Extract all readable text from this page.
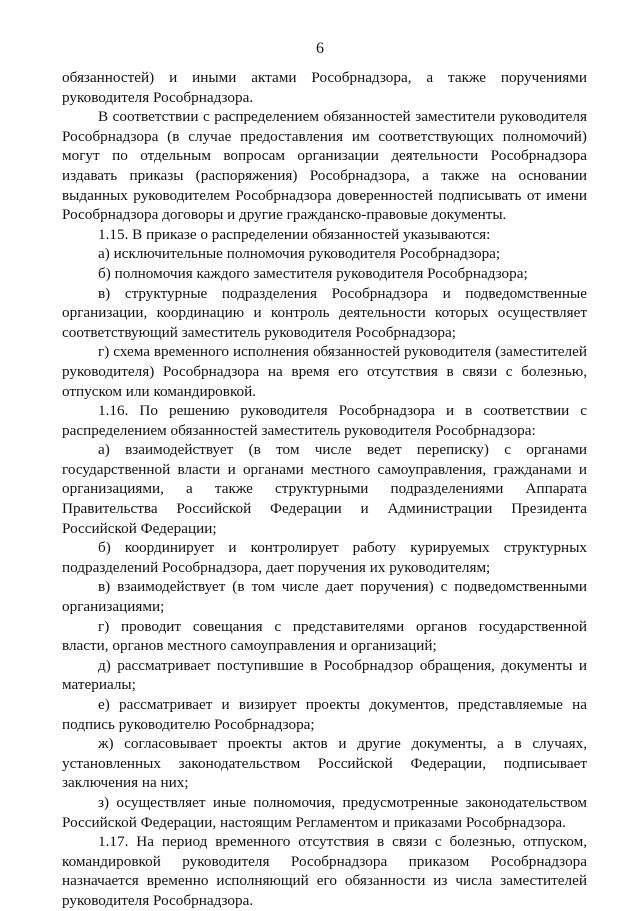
6

обязанностей) и иными актами Рособрнадзора, а также поручениями руководителя Рособрнадзора.

В соответствии с распределением обязанностей заместители руководителя Рособрнадзора (в случае предоставления им соответствующих полномочий) могут по отдельным вопросам организации деятельности Рособрнадзора издавать приказы (распоряжения) Рособрнадзора, а также на основании выданных руководителем Рособрнадзора доверенностей подписывать от имени Рособрнадзора договоры и другие гражданско-правовые документы.

1.15. В приказе о распределении обязанностей указываются:

а) исключительные полномочия руководителя Рособрнадзора;

б) полномочия каждого заместителя руководителя Рособрнадзора;

в) структурные подразделения Рособрнадзора и подведомственные организации, координацию и контроль деятельности которых осуществляет соответствующий заместитель руководителя Рособрнадзора;

г) схема временного исполнения обязанностей руководителя (заместителей руководителя) Рособрнадзора на время его отсутствия в связи с болезнью, отпуском или командировкой.

1.16. По решению руководителя Рособрнадзора и в соответствии с распределением обязанностей заместитель руководителя Рособрнадзора:

а) взаимодействует (в том числе ведет переписку) с органами государственной власти и органами местного самоуправления, гражданами и организациями, а также структурными подразделениями Аппарата Правительства Российской Федерации и Администрации Президента Российской Федерации;

б) координирует и контролирует работу курируемых структурных подразделений Рособрнадзора, дает поручения их руководителям;

в) взаимодействует (в том числе дает поручения) с подведомственными организациями;

г) проводит совещания с представителями органов государственной власти, органов местного самоуправления и организаций;

д) рассматривает поступившие в Рособрнадзор обращения, документы и материалы;

е) рассматривает и визирует проекты документов, представляемые на подпись руководителю Рособрнадзора;

ж) согласовывает проекты актов и другие документы, а в случаях, установленных законодательством Российской Федерации, подписывает заключения на них;

з) осуществляет иные полномочия, предусмотренные законодательством Российской Федерации, настоящим Регламентом и приказами Рособрнадзора.

1.17. На период временного отсутствия в связи с болезнью, отпуском, командировкой руководителя Рособрнадзора приказом Рособрнадзора назначается временно исполняющий его обязанности из числа заместителей руководителя Рособрнадзора.
